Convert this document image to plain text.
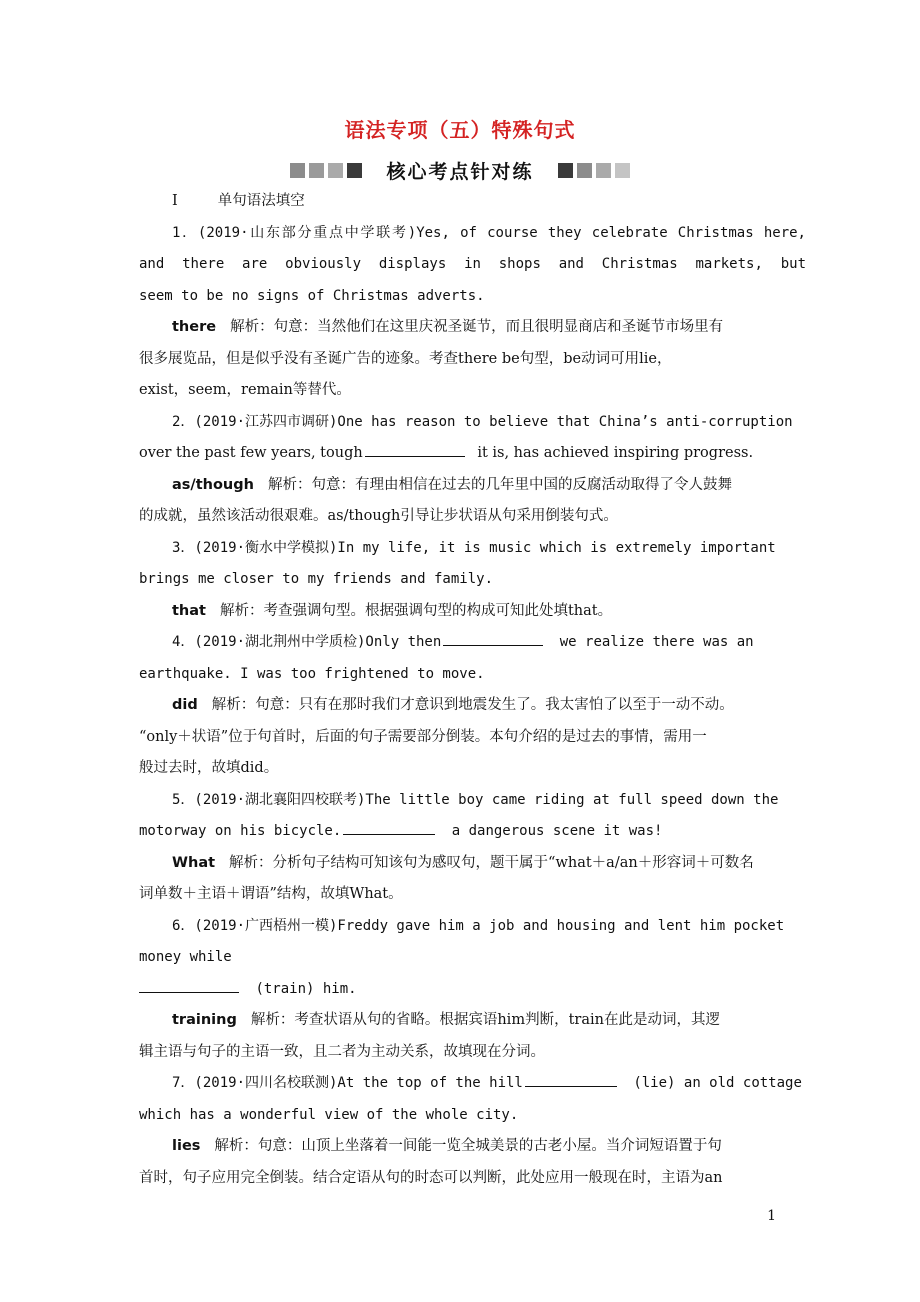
语法专项（五）特殊句式
核心考点针对练
Ⅰ	单句语法填空
1．(2019·山东部分重点中学联考)Yes, of course they celebrate Christmas here,
and there are obviously displays in shops and Christmas markets, but
seem to be no signs of Christmas adverts.
there 解析：句意：当然他们在这里庆祝圣诞节，而且很明显商店和圣诞节市场里有
很多展览品，但是似乎没有圣诞广告的迹象。考查there be句型，be动词可用lie，
exist，seem，remain等替代。
2．(2019·江苏四市调研)One has reason to believe that China’s anti-corruption
over the past few years, tough	it is, has achieved inspiring progress.
as/though 解析：句意：有理由相信在过去的几年里中国的反腐活动取得了令人鼓舞
的成就，虽然该活动很艰难。as/though引导让步状语从句采用倒装句式。
3．(2019·衡水中学模拟)In my life, it is music which is extremely important
brings me closer to my friends and family.
that 解析：考查强调句型。根据强调句型的构成可知此处填that。
4．(2019·湖北荆州中学质检)Only then	we realize there was an
earthquake. I was too frightened to move.
did 解析：句意：只有在那时我们才意识到地震发生了。我太害怕了以至于一动不动。
“only＋状语”位于句首时，后面的句子需要部分倒装。本句介绍的是过去的事情，需用一
般过去时，故填did。
5．(2019·湖北襄阳四校联考)The little boy came riding at full speed down the
motorway on his bicycle.	a dangerous scene it was!
What 解析：分析句子结构可知该句为感叹句，题干属于“what＋a/an＋形容词＋可数名
词单数＋主语＋谓语”结构，故填What。
6．(2019·广西梧州一模)Freddy gave him a job and housing and lent him pocket
money while
(train) him.
training 解析：考查状语从句的省略。根据宾语him判断，train在此是动词，其逻
辑主语与句子的主语一致，且二者为主动关系，故填现在分词。
7．(2019·四川名校联测)At the top of the hill	(lie) an old cottage
which has a wonderful view of the whole city.
lies 解析：句意：山顶上坐落着一间能一览全城美景的古老小屋。当介词短语置于句
首时，句子应用完全倒装。结合定语从句的时态可以判断，此处应用一般现在时，主语为an
1
